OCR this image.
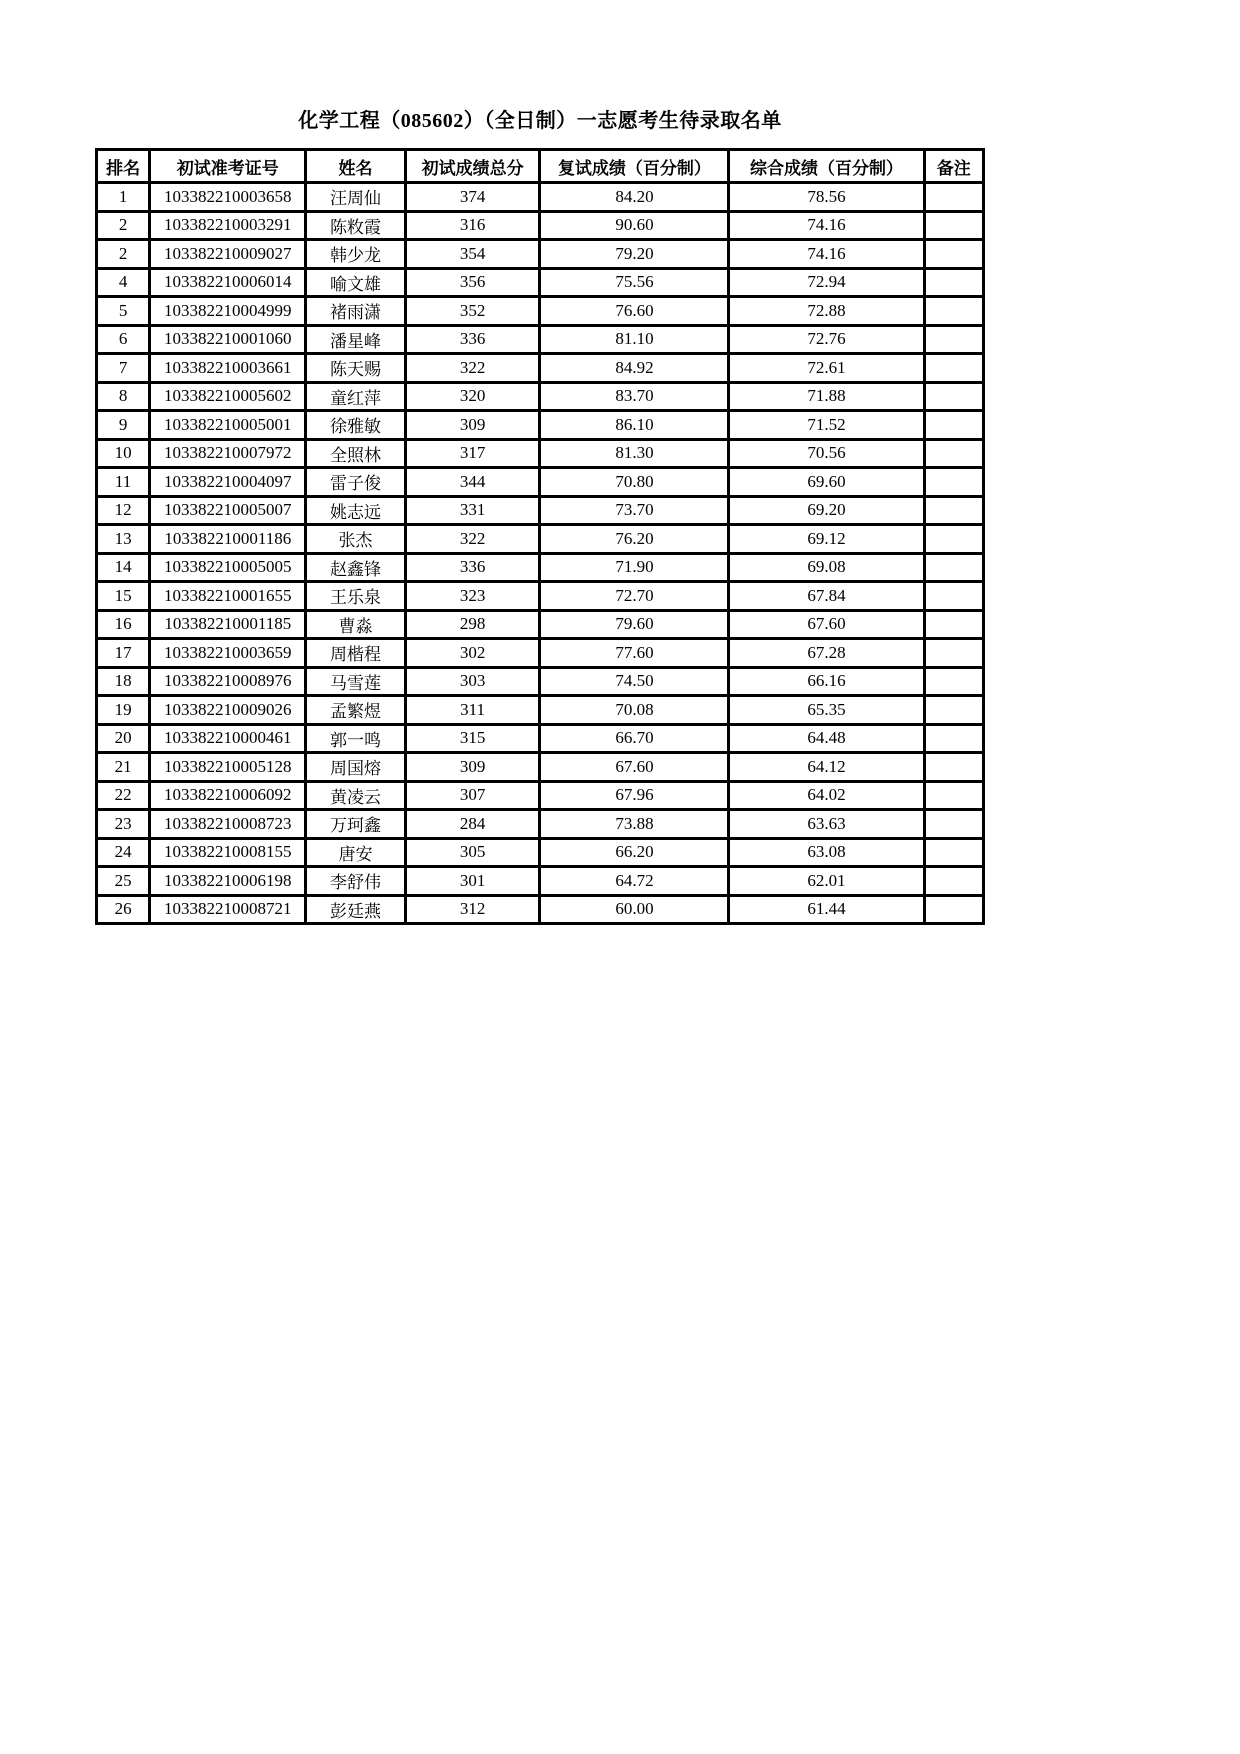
化学工程（085602）（全日制）一志愿考生待录取名单
排名	初试准考证号	姓名	初试成绩总分	复试成绩（百分制）	综合成绩（百分制）	备注
1	103382210003658	汪周仙	374	84.20	78.56	
2	103382210003291	陈敉霞	316	90.60	74.16	
2	103382210009027	韩少龙	354	79.20	74.16	
4	103382210006014	喻文雄	356	75.56	72.94	
5	103382210004999	褚雨潇	352	76.60	72.88	
6	103382210001060	潘星峰	336	81.10	72.76	
7	103382210003661	陈天赐	322	84.92	72.61	
8	103382210005602	童红萍	320	83.70	71.88	
9	103382210005001	徐雅敏	309	86.10	71.52	
10	103382210007972	全照林	317	81.30	70.56	
11	103382210004097	雷子俊	344	70.80	69.60	
12	103382210005007	姚志远	331	73.70	69.20	
13	103382210001186	张杰	322	76.20	69.12	
14	103382210005005	赵鑫锋	336	71.90	69.08	
15	103382210001655	王乐泉	323	72.70	67.84	
16	103382210001185	曹淼	298	79.60	67.60	
17	103382210003659	周楷程	302	77.60	67.28	
18	103382210008976	马雪莲	303	74.50	66.16	
19	103382210009026	孟繁煜	311	70.08	65.35	
20	103382210000461	郭一鸣	315	66.70	64.48	
21	103382210005128	周国熔	309	67.60	64.12	
22	103382210006092	黄凌云	307	67.96	64.02	
23	103382210008723	万珂鑫	284	73.88	63.63	
24	103382210008155	唐安	305	66.20	63.08	
25	103382210006198	李舒伟	301	64.72	62.01	
26	103382210008721	彭廷燕	312	60.00	61.44	
